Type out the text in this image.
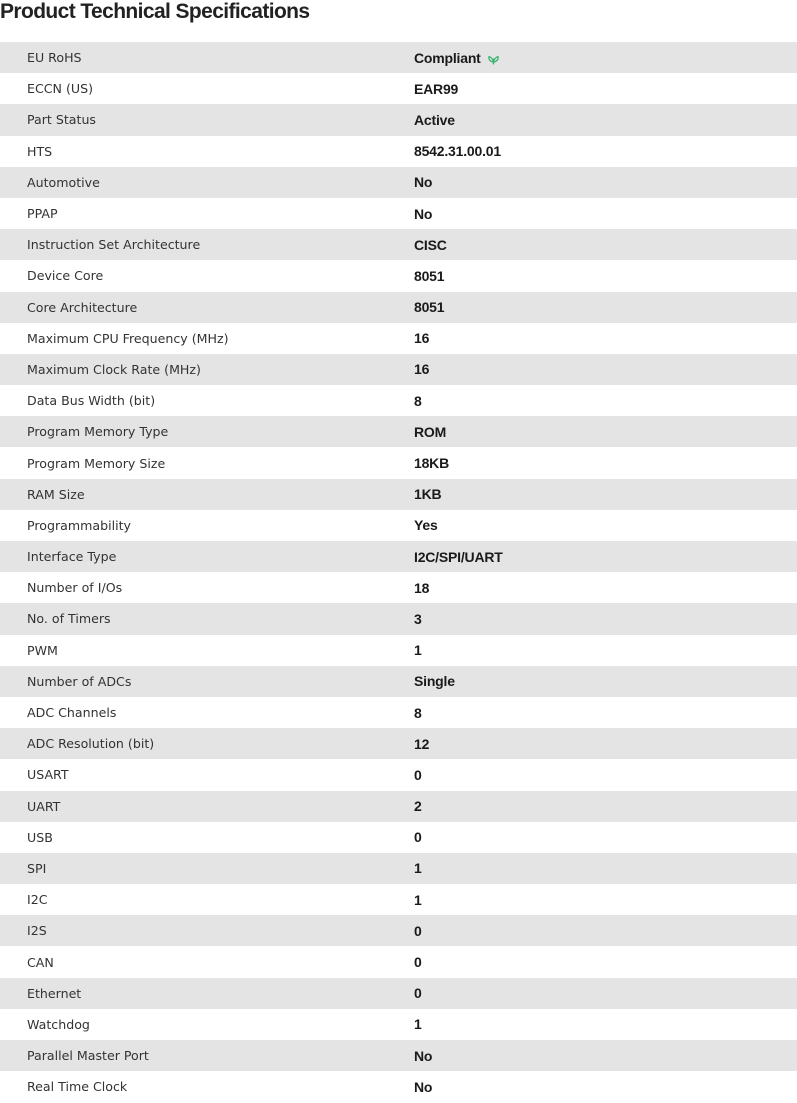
Product Technical Specifications
EU RoHS	Compliant
ECCN (US)	EAR99
Part Status	Active
HTS	8542.31.00.01
Automotive	No
PPAP	No
Instruction Set Architecture	CISC
Device Core	8051
Core Architecture	8051
Maximum CPU Frequency (MHz)	16
Maximum Clock Rate (MHz)	16
Data Bus Width (bit)	8
Program Memory Type	ROM
Program Memory Size	18KB
RAM Size	1KB
Programmability	Yes
Interface Type	I2C/SPI/UART
Number of I/Os	18
No. of Timers	3
PWM	1
Number of ADCs	Single
ADC Channels	8
ADC Resolution (bit)	12
USART	0
UART	2
USB	0
SPI	1
I2C	1
I2S	0
CAN	0
Ethernet	0
Watchdog	1
Parallel Master Port	No
Real Time Clock	No
